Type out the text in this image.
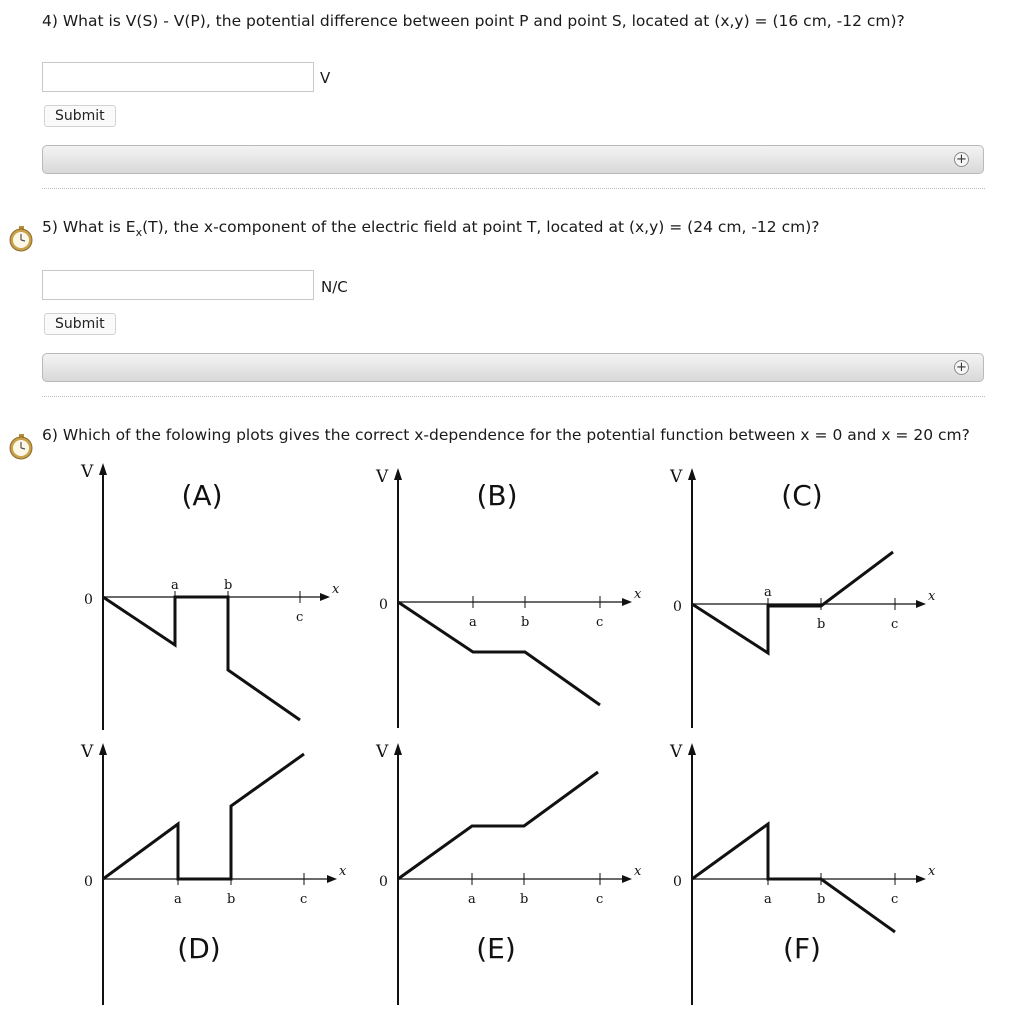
4) What is V(S) - V(P), the potential difference between point P and point S, located at (x,y) = (16 cm, -12 cm)?
V
Submit
+
5) What is $E_x(T)$, the x-component of the electric field at point T, located at (x,y) = (24 cm, -12 cm)?
N/C
Submit
+
6) Which of the folowing plots gives the correct x-dependence for the potential function between x = 0 and x = 20 cm?
V
x
0
a	b
c
(A)
V
x
0
a	b	c
(B)
V
x
0
a
b	c
(C)
V
x
0
a	b	c
(D)
V
x
0
a	b	c
(E)
V
x
0
a	b	c
(F)
